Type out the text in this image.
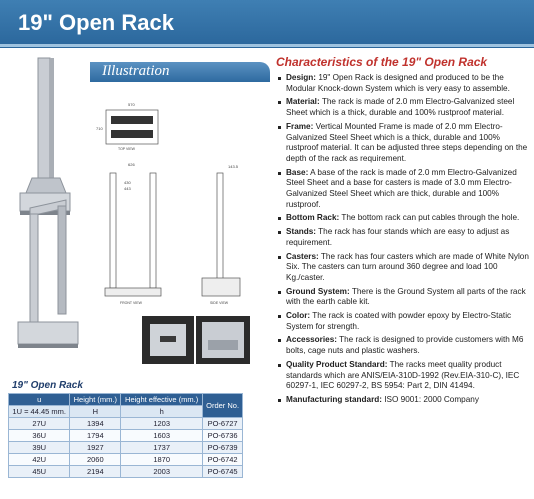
19" Open Rack
Illustration
570
710
TOP VIEW
626
430
443
FRONT VIEW
143.5
SIDE VIEW
19" Open Rack
u	Height (mm.)	Height effective (mm.)	Order No.
1U = 44.45 mm.	H	h	
27U	1394	1203	PO-6727
36U	1794	1603	PO-6736
39U	1927	1737	PO-6739
42U	2060	1870	PO-6742
45U	2194	2003	PO-6745
Characteristics of the 19" Open Rack
Design: 19" Open Rack is designed and produced to be the Modular Knock-down System which is very easy to assemble.
Material: The rack is made of 2.0 mm Electro-Galvanized steel Sheet which is a thick, durable and 100% rustproof material.
Frame: Vertical Mounted Frame is made of 2.0 mm Electro-Galvanized Steel Sheet which is a thick, durable and 100% rustproof material. It can be adjusted three steps depending on the depth of the rack as requirement.
Base: A base of the rack is made of 2.0 mm Electro-Galvanized Steel Sheet and a base for casters is made of 3.0 mm Electro-Galvanized Steel Sheet which are thick, durable and 100% rustproof.
Bottom Rack: The bottom rack can put cables through the hole.
Stands: The rack has four stands which are easy to adjust as requirement.
Casters: The rack has four casters which are made of White Nylon Six. The casters can turn around 360 degree and load 100 Kg./caster.
Ground System: There is the Ground System all parts of the rack with the earth cable kit.
Color: The rack is coated with powder epoxy by Electro-Static System for strength.
Accessories: The rack is designed to provide customers with M6 bolts, cage nuts and plastic washers.
Quality Product Standard: The racks meet quality product standards which are ANIS/EIA-310D-1992 (Rev.EIA-310-C), IEC 60297-1, IEC 60297-2, BS 5954: Part 2, DIN 41494.
Manufacturing standard: ISO 9001: 2000 Company
